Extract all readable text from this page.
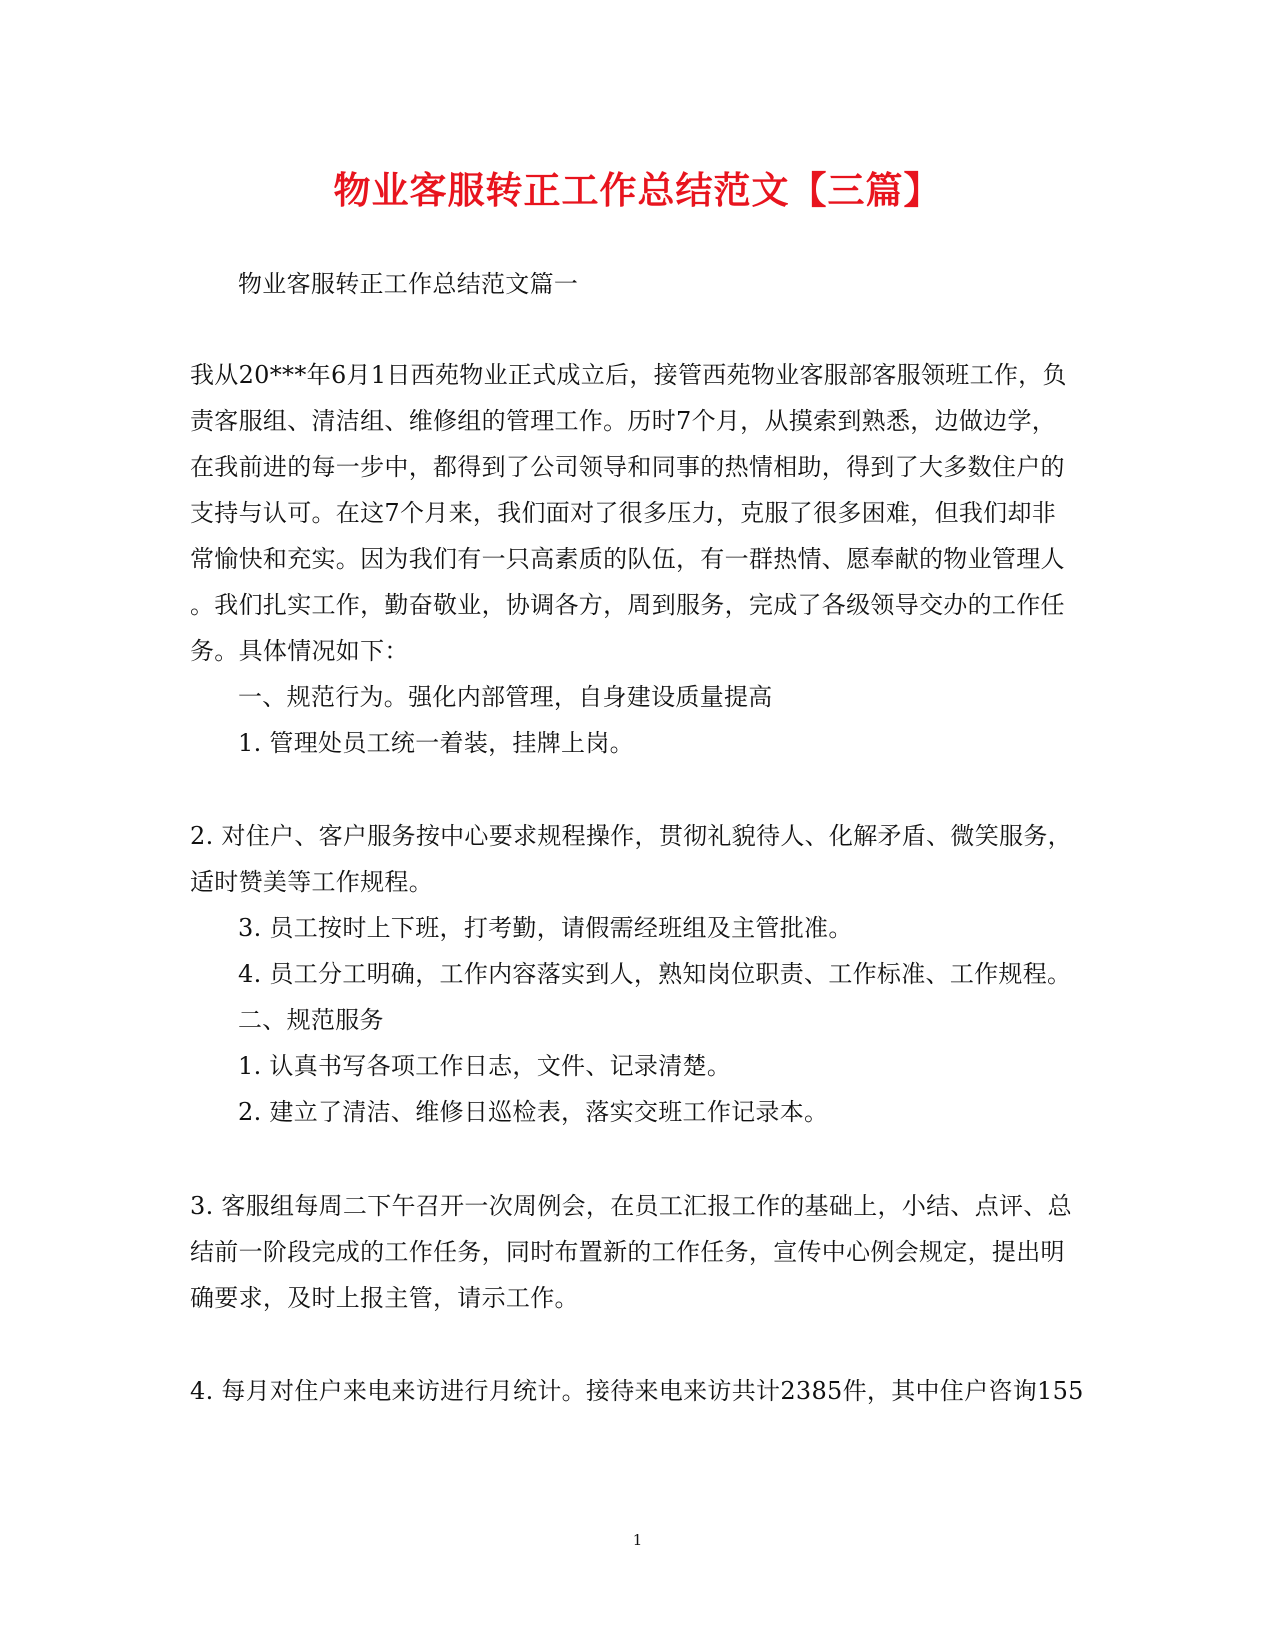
物业客服转正工作总结范文【三篇】
物业客服转正工作总结范文篇一
我从20***年6月1日西苑物业正式成立后，接管西苑物业客服部客服领班工作，负
责客服组、清洁组、维修组的管理工作。历时7个月，从摸索到熟悉，边做边学，
在我前进的每一步中，都得到了公司领导和同事的热情相助，得到了大多数住户的
支持与认可。在这7个月来，我们面对了很多压力，克服了很多困难，但我们却非
常愉快和充实。因为我们有一只高素质的队伍，有一群热情、愿奉献的物业管理人
。我们扎实工作，勤奋敬业，协调各方，周到服务，完成了各级领导交办的工作任
务。具体情况如下：
一、规范行为。强化内部管理，自身建设质量提高
1. 管理处员工统一着装，挂牌上岗。
2. 对住户、客户服务按中心要求规程操作，贯彻礼貌待人、化解矛盾、微笑服务，
适时赞美等工作规程。
3. 员工按时上下班，打考勤，请假需经班组及主管批准。
4. 员工分工明确，工作内容落实到人，熟知岗位职责、工作标准、工作规程。
二、规范服务
1. 认真书写各项工作日志，文件、记录清楚。
2. 建立了清洁、维修日巡检表，落实交班工作记录本。
3. 客服组每周二下午召开一次周例会，在员工汇报工作的基础上，小结、点评、总
结前一阶段完成的工作任务，同时布置新的工作任务，宣传中心例会规定，提出明
确要求，及时上报主管，请示工作。
4. 每月对住户来电来访进行月统计。接待来电来访共计2385件，其中住户咨询155
1
